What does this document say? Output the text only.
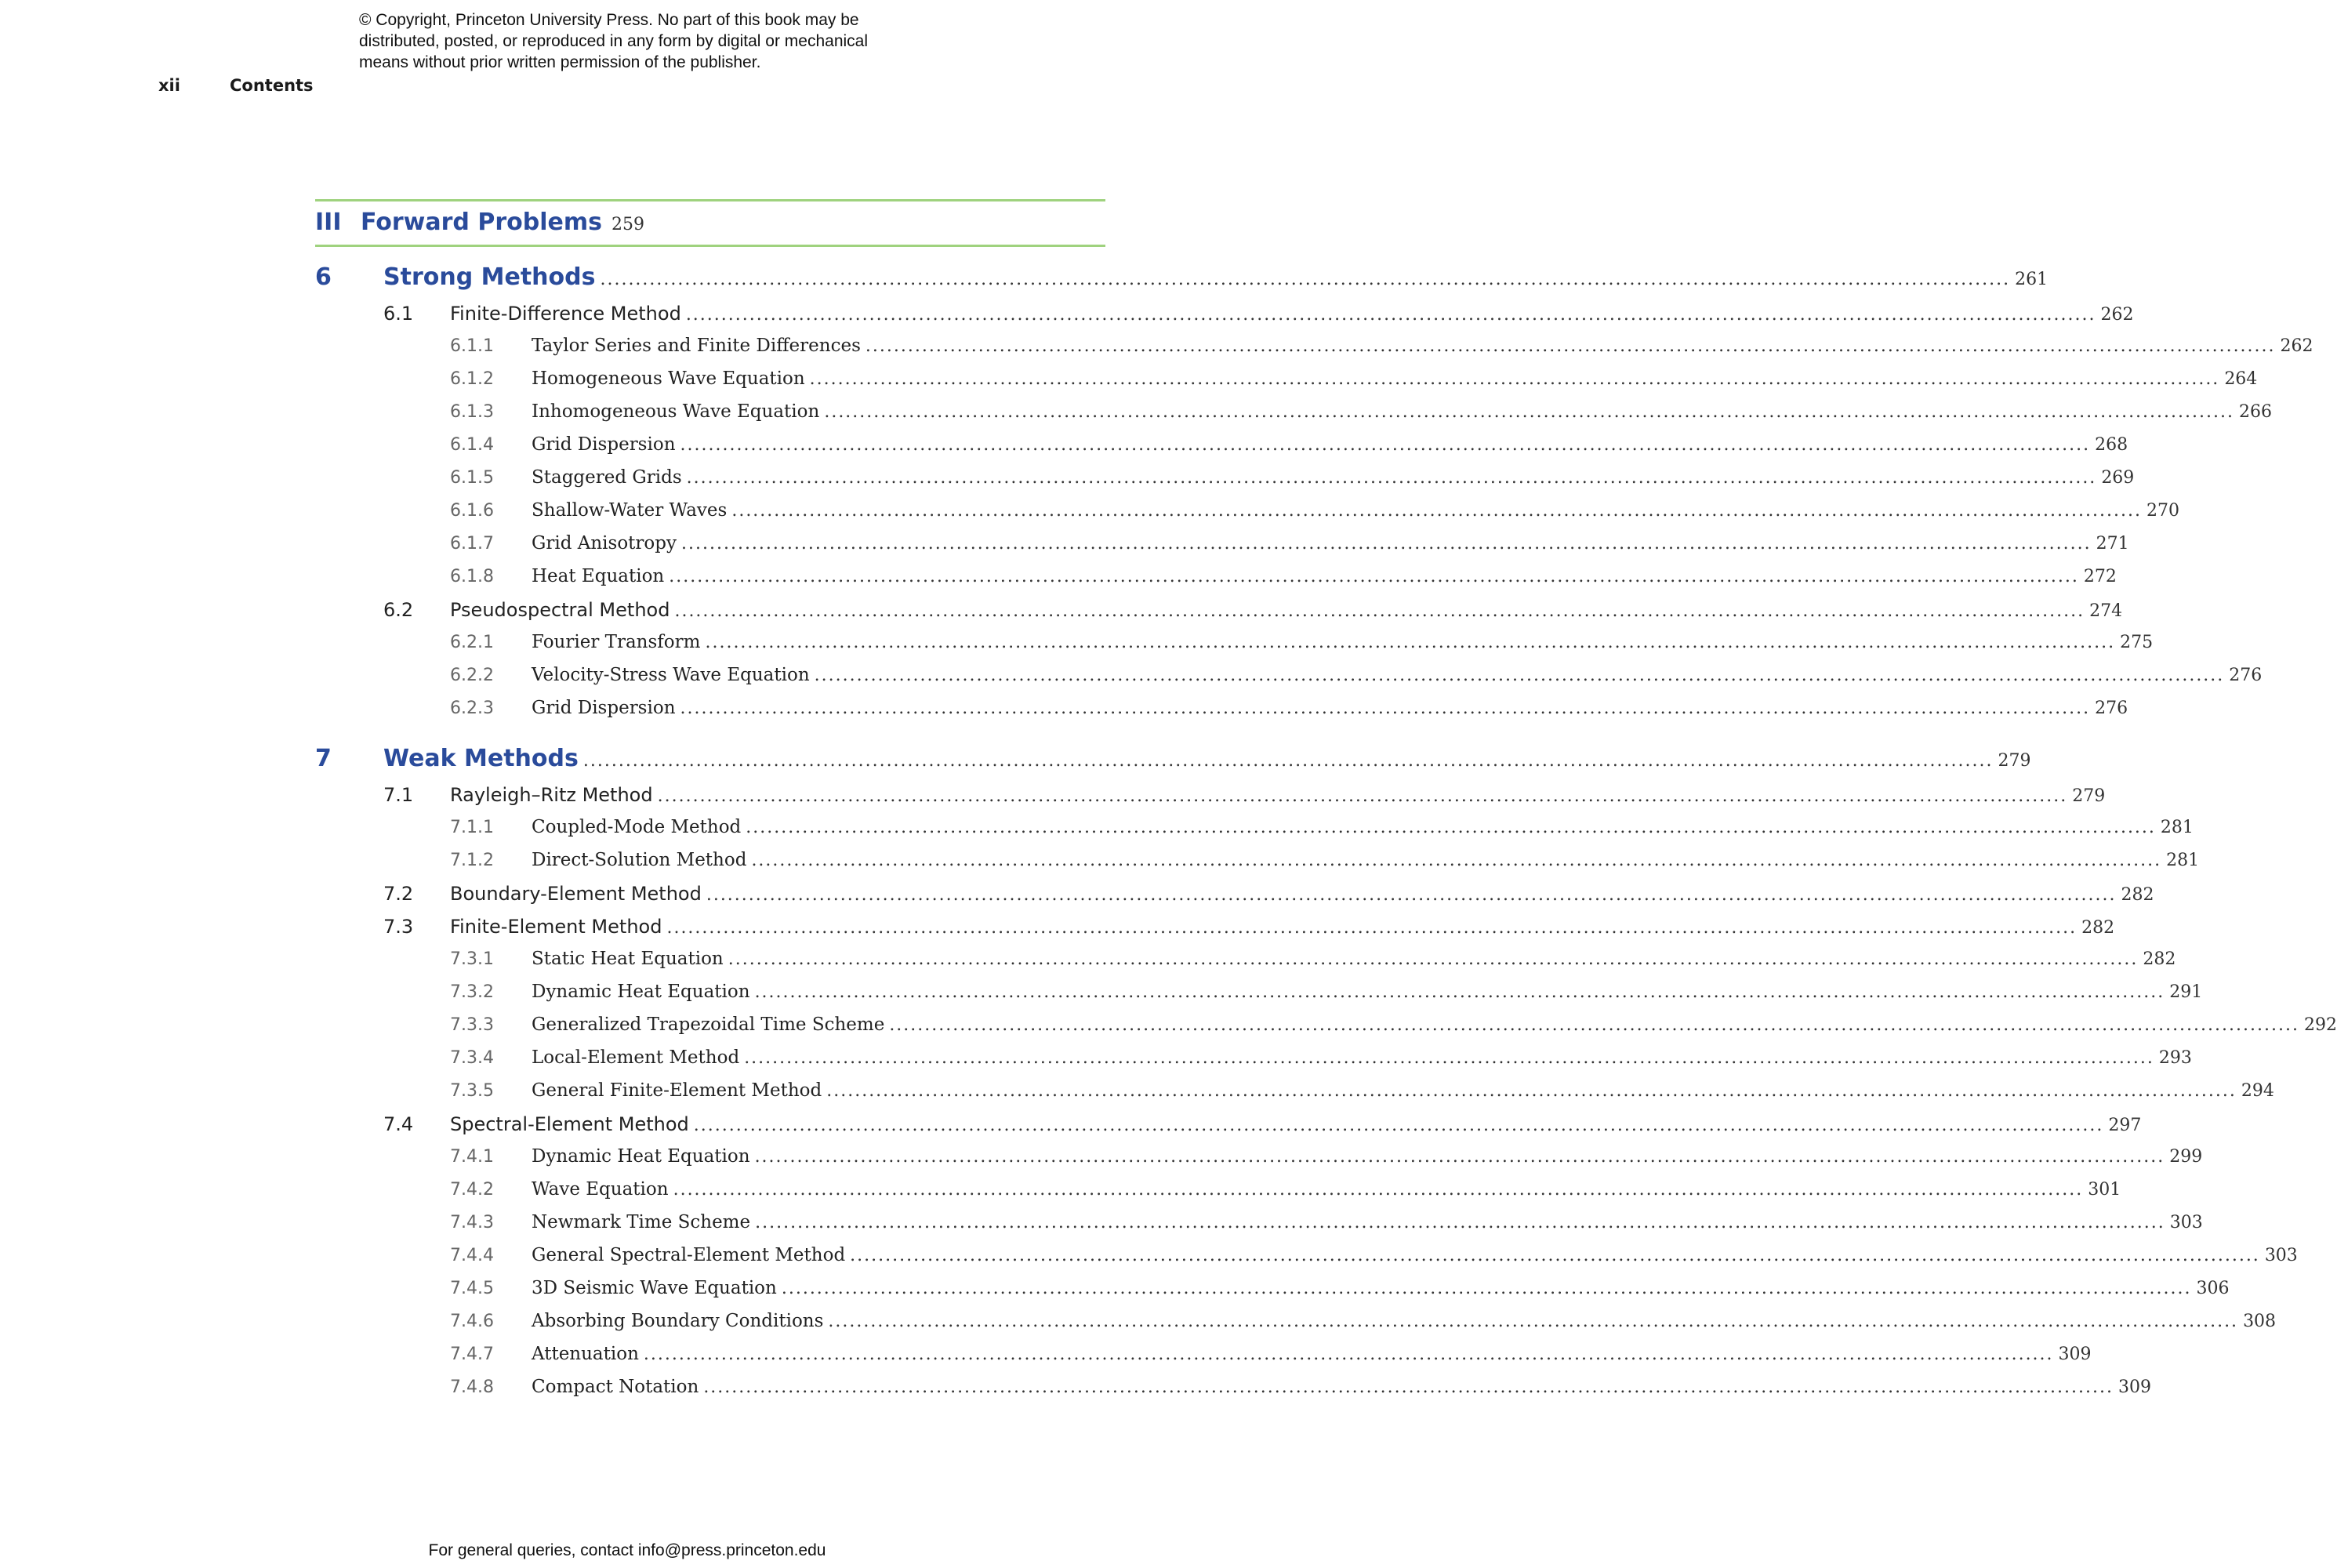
© Copyright, Princeton University Press. No part of this book may be
distributed, posted, or reproduced in any form by digital or mechanical
means without prior written permission of the publisher.
xii	Contents
III Forward Problems 259
6	Strong Methods ........................................................................................................................................................................................................ 261
6.1	Finite-Difference Method ........................................................................................................................................................................................................ 262
6.1.1	Taylor Series and Finite Differences ........................................................................................................................................................................................................ 262
6.1.2	Homogeneous Wave Equation ........................................................................................................................................................................................................ 264
6.1.3	Inhomogeneous Wave Equation ........................................................................................................................................................................................................ 266
6.1.4	Grid Dispersion ........................................................................................................................................................................................................ 268
6.1.5	Staggered Grids ........................................................................................................................................................................................................ 269
6.1.6	Shallow-Water Waves ........................................................................................................................................................................................................ 270
6.1.7	Grid Anisotropy ........................................................................................................................................................................................................ 271
6.1.8	Heat Equation ........................................................................................................................................................................................................ 272
6.2	Pseudospectral Method ........................................................................................................................................................................................................ 274
6.2.1	Fourier Transform ........................................................................................................................................................................................................ 275
6.2.2	Velocity-Stress Wave Equation ........................................................................................................................................................................................................ 276
6.2.3	Grid Dispersion ........................................................................................................................................................................................................ 276
7	Weak Methods ........................................................................................................................................................................................................ 279
7.1	Rayleigh–Ritz Method ........................................................................................................................................................................................................ 279
7.1.1	Coupled-Mode Method ........................................................................................................................................................................................................ 281
7.1.2	Direct-Solution Method ........................................................................................................................................................................................................ 281
7.2	Boundary-Element Method ........................................................................................................................................................................................................ 282
7.3	Finite-Element Method ........................................................................................................................................................................................................ 282
7.3.1	Static Heat Equation ........................................................................................................................................................................................................ 282
7.3.2	Dynamic Heat Equation ........................................................................................................................................................................................................ 291
7.3.3	Generalized Trapezoidal Time Scheme ........................................................................................................................................................................................................ 292
7.3.4	Local-Element Method ........................................................................................................................................................................................................ 293
7.3.5	General Finite-Element Method ........................................................................................................................................................................................................ 294
7.4	Spectral-Element Method ........................................................................................................................................................................................................ 297
7.4.1	Dynamic Heat Equation ........................................................................................................................................................................................................ 299
7.4.2	Wave Equation ........................................................................................................................................................................................................ 301
7.4.3	Newmark Time Scheme ........................................................................................................................................................................................................ 303
7.4.4	General Spectral-Element Method ........................................................................................................................................................................................................ 303
7.4.5	3D Seismic Wave Equation ........................................................................................................................................................................................................ 306
7.4.6	Absorbing Boundary Conditions ........................................................................................................................................................................................................ 308
7.4.7	Attenuation ........................................................................................................................................................................................................ 309
7.4.8	Compact Notation ........................................................................................................................................................................................................ 309
For general queries, contact info@press.princeton.edu
